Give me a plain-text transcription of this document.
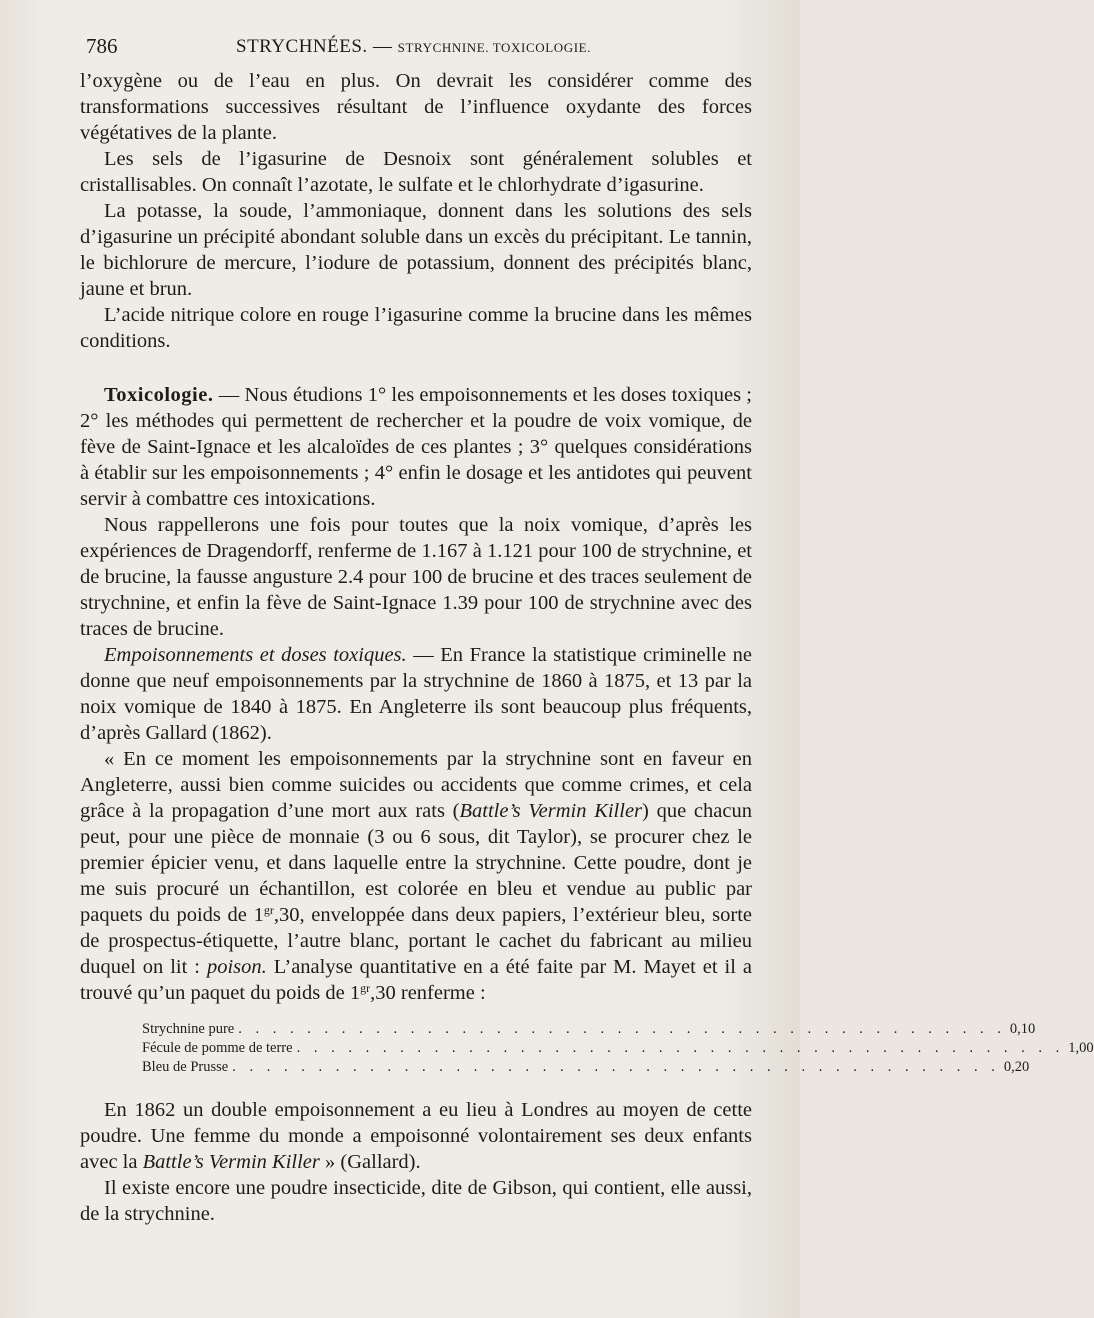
786	STRYCHNÉES. — STRYCHNINE. TOXICOLOGIE.

l’oxygène ou de l’eau en plus. On devrait les considérer comme des transformations successives résultant de l’influence oxydante des forces végétatives de la plante.

Les sels de l’igasurine de Desnoix sont généralement solubles et cristallisables. On connaît l’azotate, le sulfate et le chlorhydrate d’igasurine.

La potasse, la soude, l’ammoniaque, donnent dans les solutions des sels d’igasurine un précipité abondant soluble dans un excès du précipitant. Le tannin, le bichlorure de mercure, l’iodure de potassium, donnent des précipités blanc, jaune et brun.

L’acide nitrique colore en rouge l’igasurine comme la brucine dans les mêmes conditions.

Toxicologie. — Nous étudions 1° les empoisonnements et les doses toxiques ; 2° les méthodes qui permettent de rechercher et la poudre de voix vomique, de fève de Saint-Ignace et les alcaloïdes de ces plantes ; 3° quelques considérations à établir sur les empoisonnements ; 4° enfin le dosage et les antidotes qui peuvent servir à combattre ces intoxications.

Nous rappellerons une fois pour toutes que la noix vomique, d’après les expériences de Dragendorff, renferme de 1.167 à 1.121 pour 100 de strychnine, et de brucine, la fausse angusture 2.4 pour 100 de brucine et des traces seulement de strychnine, et enfin la fève de Saint-Ignace 1.39 pour 100 de strychnine avec des traces de brucine.

Empoisonnements et doses toxiques. — En France la statistique criminelle ne donne que neuf empoisonnements par la strychnine de 1860 à 1875, et 13 par la noix vomique de 1840 à 1875. En Angleterre ils sont beaucoup plus fréquents, d’après Gallard (1862).

« En ce moment les empoisonnements par la strychnine sont en faveur en Angleterre, aussi bien comme suicides ou accidents que comme crimes, et cela grâce à la propagation d’une mort aux rats (Battle’s Vermin Killer) que chacun peut, pour une pièce de monnaie (3 ou 6 sous, dit Taylor), se procurer chez le premier épicier venu, et dans laquelle entre la strychnine. Cette poudre, dont je me suis procuré un échantillon, est colorée en bleu et vendue au public par paquets du poids de $1^{gr},30$, enveloppée dans deux papiers, l’extérieur bleu, sorte de prospectus-étiquette, l’autre blanc, portant le cachet du fabricant au milieu duquel on lit : poison. L’analyse quantitative en a été faite par M. Mayet et il a trouvé qu’un paquet du poids de $1^{gr},30$ renferme :

Strychnine pure . . . . . . . . . . . . . . . . . . . . . . . . . . . . . . . . . . . . . . . . . . . . . 0,10
Fécule de pomme de terre . . . . . . . . . . . . . . . . . . . . . . . . . . . . . . . . . . . . . . . . . . . . . 1,00
Bleu de Prusse . . . . . . . . . . . . . . . . . . . . . . . . . . . . . . . . . . . . . . . . . . . . . 0,20

En 1862 un double empoisonnement a eu lieu à Londres au moyen de cette poudre. Une femme du monde a empoisonné volontairement ses deux enfants avec la Battle’s Vermin Killer » (Gallard).

Il existe encore une poudre insecticide, dite de Gibson, qui contient, elle aussi, de la strychnine.
